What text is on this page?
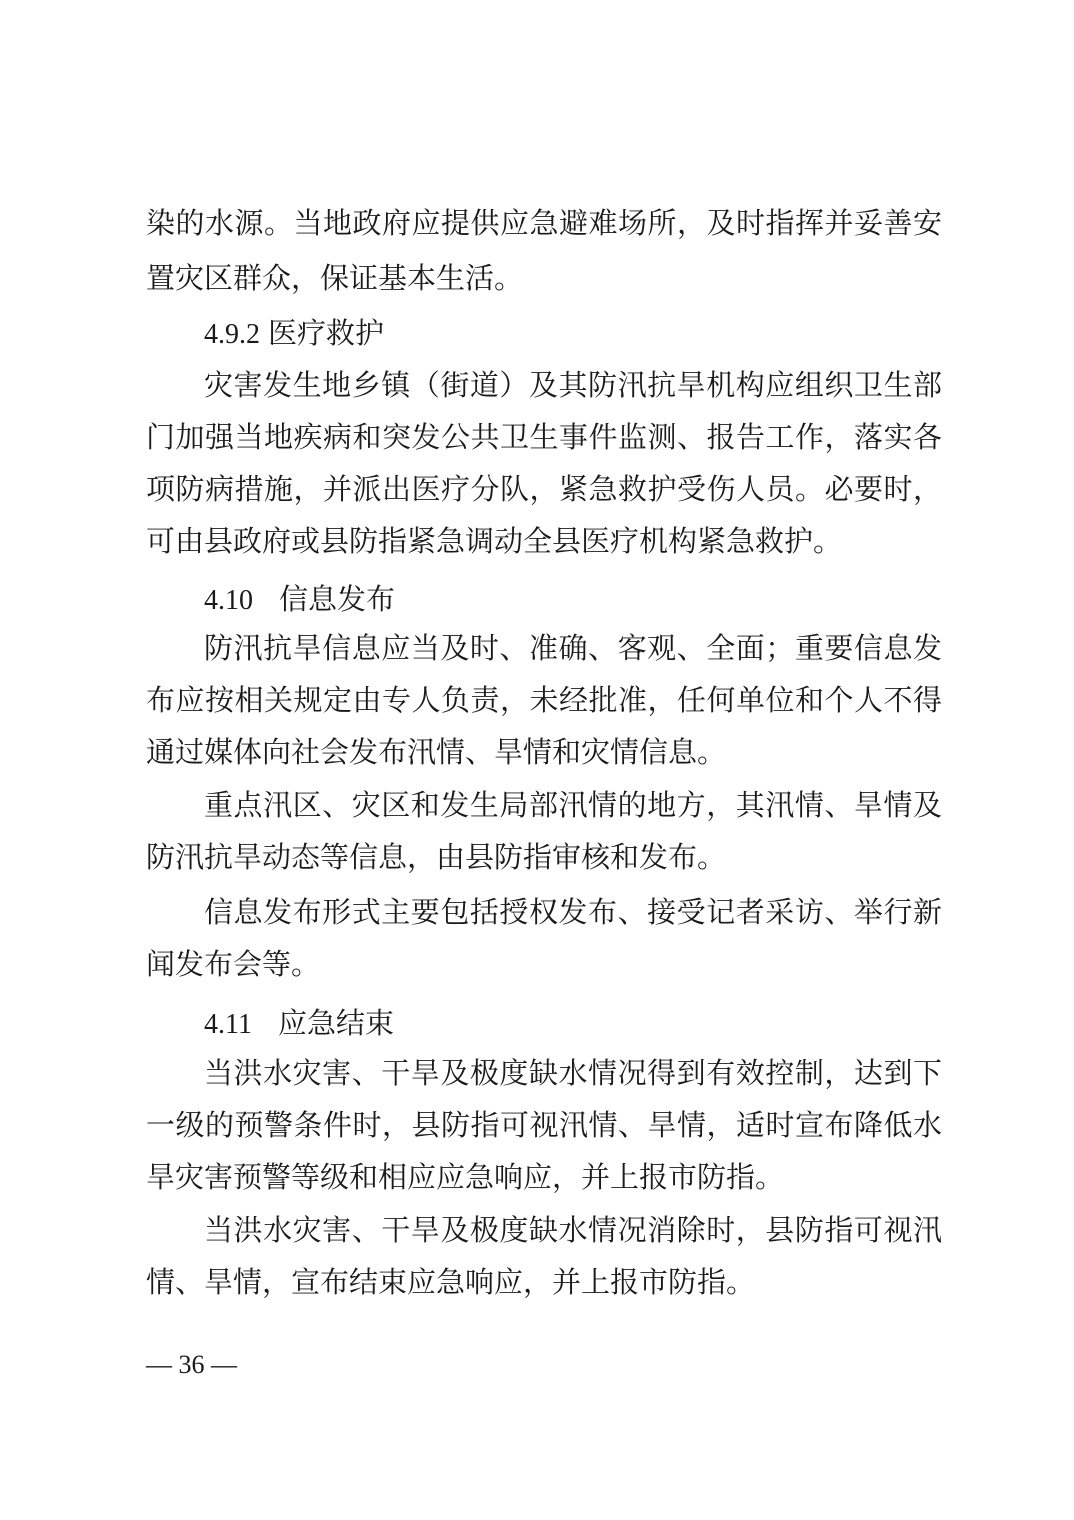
染的水源。当地政府应提供应急避难场所，及时指挥并妥善安
置灾区群众，保证基本生活。
4.9.2 医疗救护
灾害发生地乡镇（街道）及其防汛抗旱机构应组织卫生部
门加强当地疾病和突发公共卫生事件监测、报告工作，落实各
项防病措施，并派出医疗分队，紧急救护受伤人员。必要时，
可由县政府或县防指紧急调动全县医疗机构紧急救护。
4.10 信息发布
防汛抗旱信息应当及时、准确、客观、全面；重要信息发
布应按相关规定由专人负责，未经批准，任何单位和个人不得
通过媒体向社会发布汛情、旱情和灾情信息。
重点汛区、灾区和发生局部汛情的地方，其汛情、旱情及
防汛抗旱动态等信息，由县防指审核和发布。
信息发布形式主要包括授权发布、接受记者采访、举行新
闻发布会等。
4.11 应急结束
当洪水灾害、干旱及极度缺水情况得到有效控制，达到下
一级的预警条件时，县防指可视汛情、旱情，适时宣布降低水
旱灾害预警等级和相应应急响应，并上报市防指。
当洪水灾害、干旱及极度缺水情况消除时，县防指可视汛
情、旱情，宣布结束应急响应，并上报市防指。
— 36 —
